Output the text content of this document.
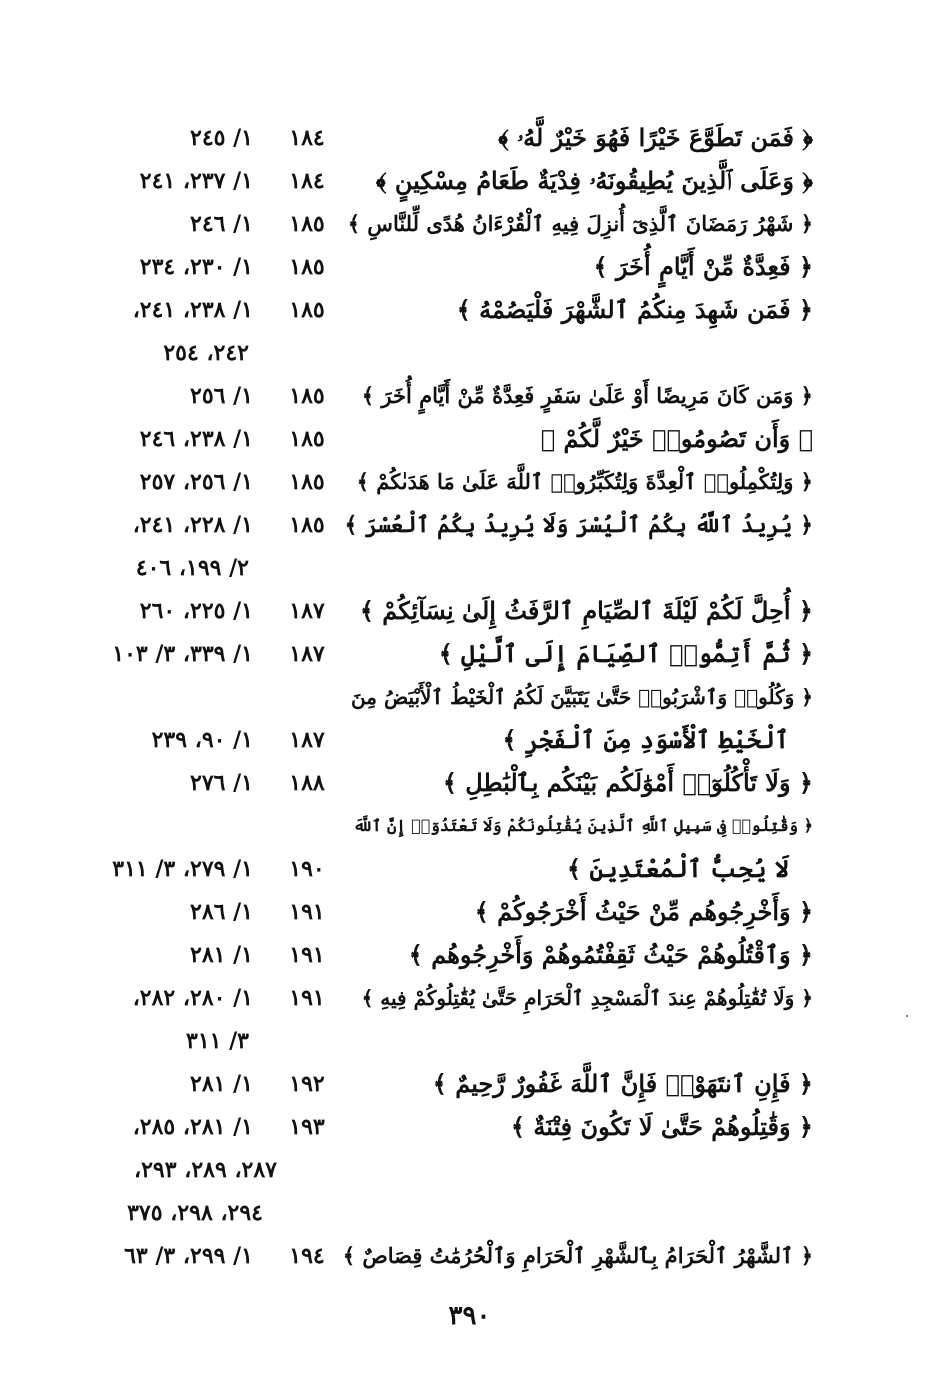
﴿ فَمَن تَطَوَّعَ خَيْرًا فَهُوَ خَيْرٌ لَّهُۥ ﴾
١٨٤
١/ ٢٤٥
﴿ وَعَلَى ٱلَّذِينَ يُطِيقُونَهُۥ فِدْيَةٌ طَعَامُ مِسْكِينٍ ﴾
١٨٤
١/ ٢٣٧، ٢٤١
﴿ شَهْرُ رَمَضَانَ ٱلَّذِىٓ أُنزِلَ فِيهِ ٱلْقُرْءَانُ هُدًى لِّلنَّاسِ ﴾
١٨٥
١/ ٢٤٦
﴿ فَعِدَّةٌ مِّنْ أَيَّامٍ أُخَرَ ﴾
١٨٥
١/ ٢٣٠، ٢٣٤
﴿ فَمَن شَهِدَ مِنكُمُ ٱلشَّهْرَ فَلْيَصُمْهُ ﴾
١٨٥
١/ ٢٣٨، ٢٤١،
٢٤٢، ٢٥٤
﴿ وَمَن كَانَ مَرِيضًا أَوْ عَلَىٰ سَفَرٍ فَعِدَّةٌ مِّنْ أَيَّامٍ أُخَرَ ﴾
١٨٥
١/ ٢٥٦
﴿ وَأَن تَصُومُوا۟ خَيْرٌ لَّكُمْ ﴾
١٨٥
١/ ٢٣٨، ٢٤٦
﴿ وَلِتُكْمِلُوا۟ ٱلْعِدَّةَ وَلِتُكَبِّرُوا۟ ٱللَّهَ عَلَىٰ مَا هَدَىٰكُمْ ﴾
١٨٥
١/ ٢٥٦، ٢٥٧
﴿ يُرِيدُ ٱللَّهُ بِكُمُ ٱلْيُسْرَ وَلَا يُرِيدُ بِكُمُ ٱلْعُسْرَ ﴾
١٨٥
١/ ٢٢٨، ٢٤١،
٢/ ١٩٩، ٤٠٦
﴿ أُحِلَّ لَكُمْ لَيْلَةَ ٱلصِّيَامِ ٱلرَّفَثُ إِلَىٰ نِسَآئِكُمْ ﴾
١٨٧
١/ ٢٢٥، ٢٦٠
﴿ ثُمَّ أَتِمُّوا۟ ٱلصِّيَامَ إِلَى ٱلَّيْلِ ﴾
١٨٧
١/ ٣٣٩، ٣/ ١٠٣
﴿ وَكُلُوا۟ وَٱشْرَبُوا۟ حَتَّىٰ يَتَبَيَّنَ لَكُمُ ٱلْخَيْطُ ٱلْأَبْيَضُ مِنَ
ٱلْخَيْطِ ٱلْأَسْوَدِ مِنَ ٱلْفَجْرِ ﴾
١٨٧
١/ ٩٠، ٢٣٩
﴿ وَلَا تَأْكُلُوٓا۟ أَمْوَٰلَكُم بَيْنَكُم بِٱلْبَٰطِلِ ﴾
١٨٨
١/ ٢٧٦
﴿ وَقَٰتِلُوا۟ فِى سَبِيلِ ٱللَّهِ ٱلَّذِينَ يُقَٰتِلُونَكُمْ وَلَا تَعْتَدُوٓا۟ إِنَّ ٱللَّهَ
لَا يُحِبُّ ٱلْمُعْتَدِينَ ﴾
١٩٠
١/ ٢٧٩، ٣/ ٣١١
﴿ وَأَخْرِجُوهُم مِّنْ حَيْثُ أَخْرَجُوكُمْ ﴾
١٩١
١/ ٢٨٦
﴿ وَٱقْتُلُوهُمْ حَيْثُ ثَقِفْتُمُوهُمْ وَأَخْرِجُوهُم ﴾
١٩١
١/ ٢٨١
﴿ وَلَا تُقَٰتِلُوهُمْ عِندَ ٱلْمَسْجِدِ ٱلْحَرَامِ حَتَّىٰ يُقَٰتِلُوكُمْ فِيهِ ﴾
١٩١
١/ ٢٨٠، ٢٨٢،
٣/ ٣١١
﴿ فَإِنِ ٱنتَهَوْا۟ فَإِنَّ ٱللَّهَ غَفُورٌ رَّحِيمٌ ﴾
١٩٢
١/ ٢٨١
﴿ وَقَٰتِلُوهُمْ حَتَّىٰ لَا تَكُونَ فِتْنَةٌ ﴾
١٩٣
١/ ٢٨١، ٢٨٥،
٢٨٧، ٢٨٩، ٢٩٣،
٢٩٤، ٢٩٨، ٣٧٥
﴿ ٱلشَّهْرُ ٱلْحَرَامُ بِٱلشَّهْرِ ٱلْحَرَامِ وَٱلْحُرُمَٰتُ قِصَاصٌ ﴾
١٩٤
١/ ٢٩٩، ٣/ ٦٣
٣٩٠
